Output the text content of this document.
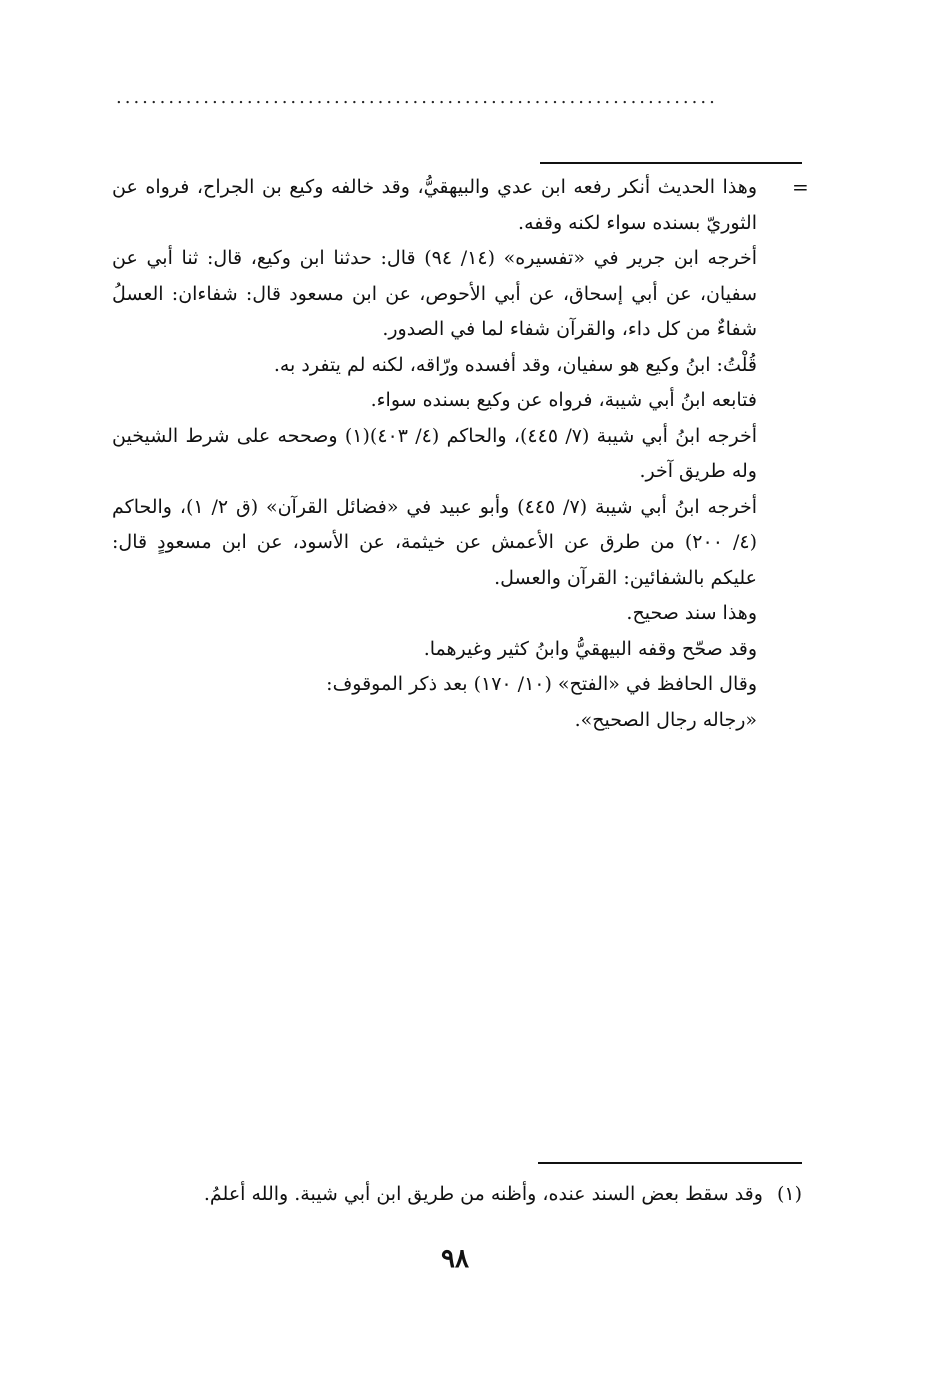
.....................................................................
=

وهذا الحديث أنكر رفعه ابن عدي والبيهقيُّ، وقد خالفه وكيع بن الجراح، فرواه عن الثوريّ بسنده سواء لكنه وقفه.

أخرجه ابن جرير في «تفسيره» (١٤/ ٩٤) قال: حدثنا ابن وكيع، قال: ثنا أبي عن سفيان، عن أبي إسحاق، عن أبي الأحوص، عن ابن مسعود قال: شفاءان: العسلُ شفاءٌ من كل داء، والقرآن شفاء لما في الصدور.

قُلْتُ: ابنُ وكيع هو سفيان، وقد أفسده ورّاقه، لكنه لم يتفرد به.

فتابعه ابنُ أبي شيبة، فرواه عن وكيع بسنده سواء.

أخرجه ابنُ أبي شيبة (٧/ ٤٤٥)، والحاكم (٤/ ٤٠٣)(١) وصححه على شرط الشيخين وله طريق آخر.

أخرجه ابنُ أبي شيبة (٧/ ٤٤٥) وأبو عبيد في «فضائل القرآن» (ق ٢/ ١)، والحاكم (٤/ ٢٠٠) من طرق عن الأعمش عن خيثمة، عن الأسود، عن ابن مسعودٍ قال: عليكم بالشفائين: القرآن والعسل.

وهذا سند صحيح.

وقد صحّح وقفه البيهقيُّ وابنُ كثير وغيرهما.

وقال الحافظ في «الفتح» (١٠/ ١٧٠) بعد ذكر الموقوف:

«رجاله رجال الصحيح».

(١)وقد سقط بعض السند عنده، وأظنه من طريق ابن أبي شيبة. والله أعلمُ.
٩٨
